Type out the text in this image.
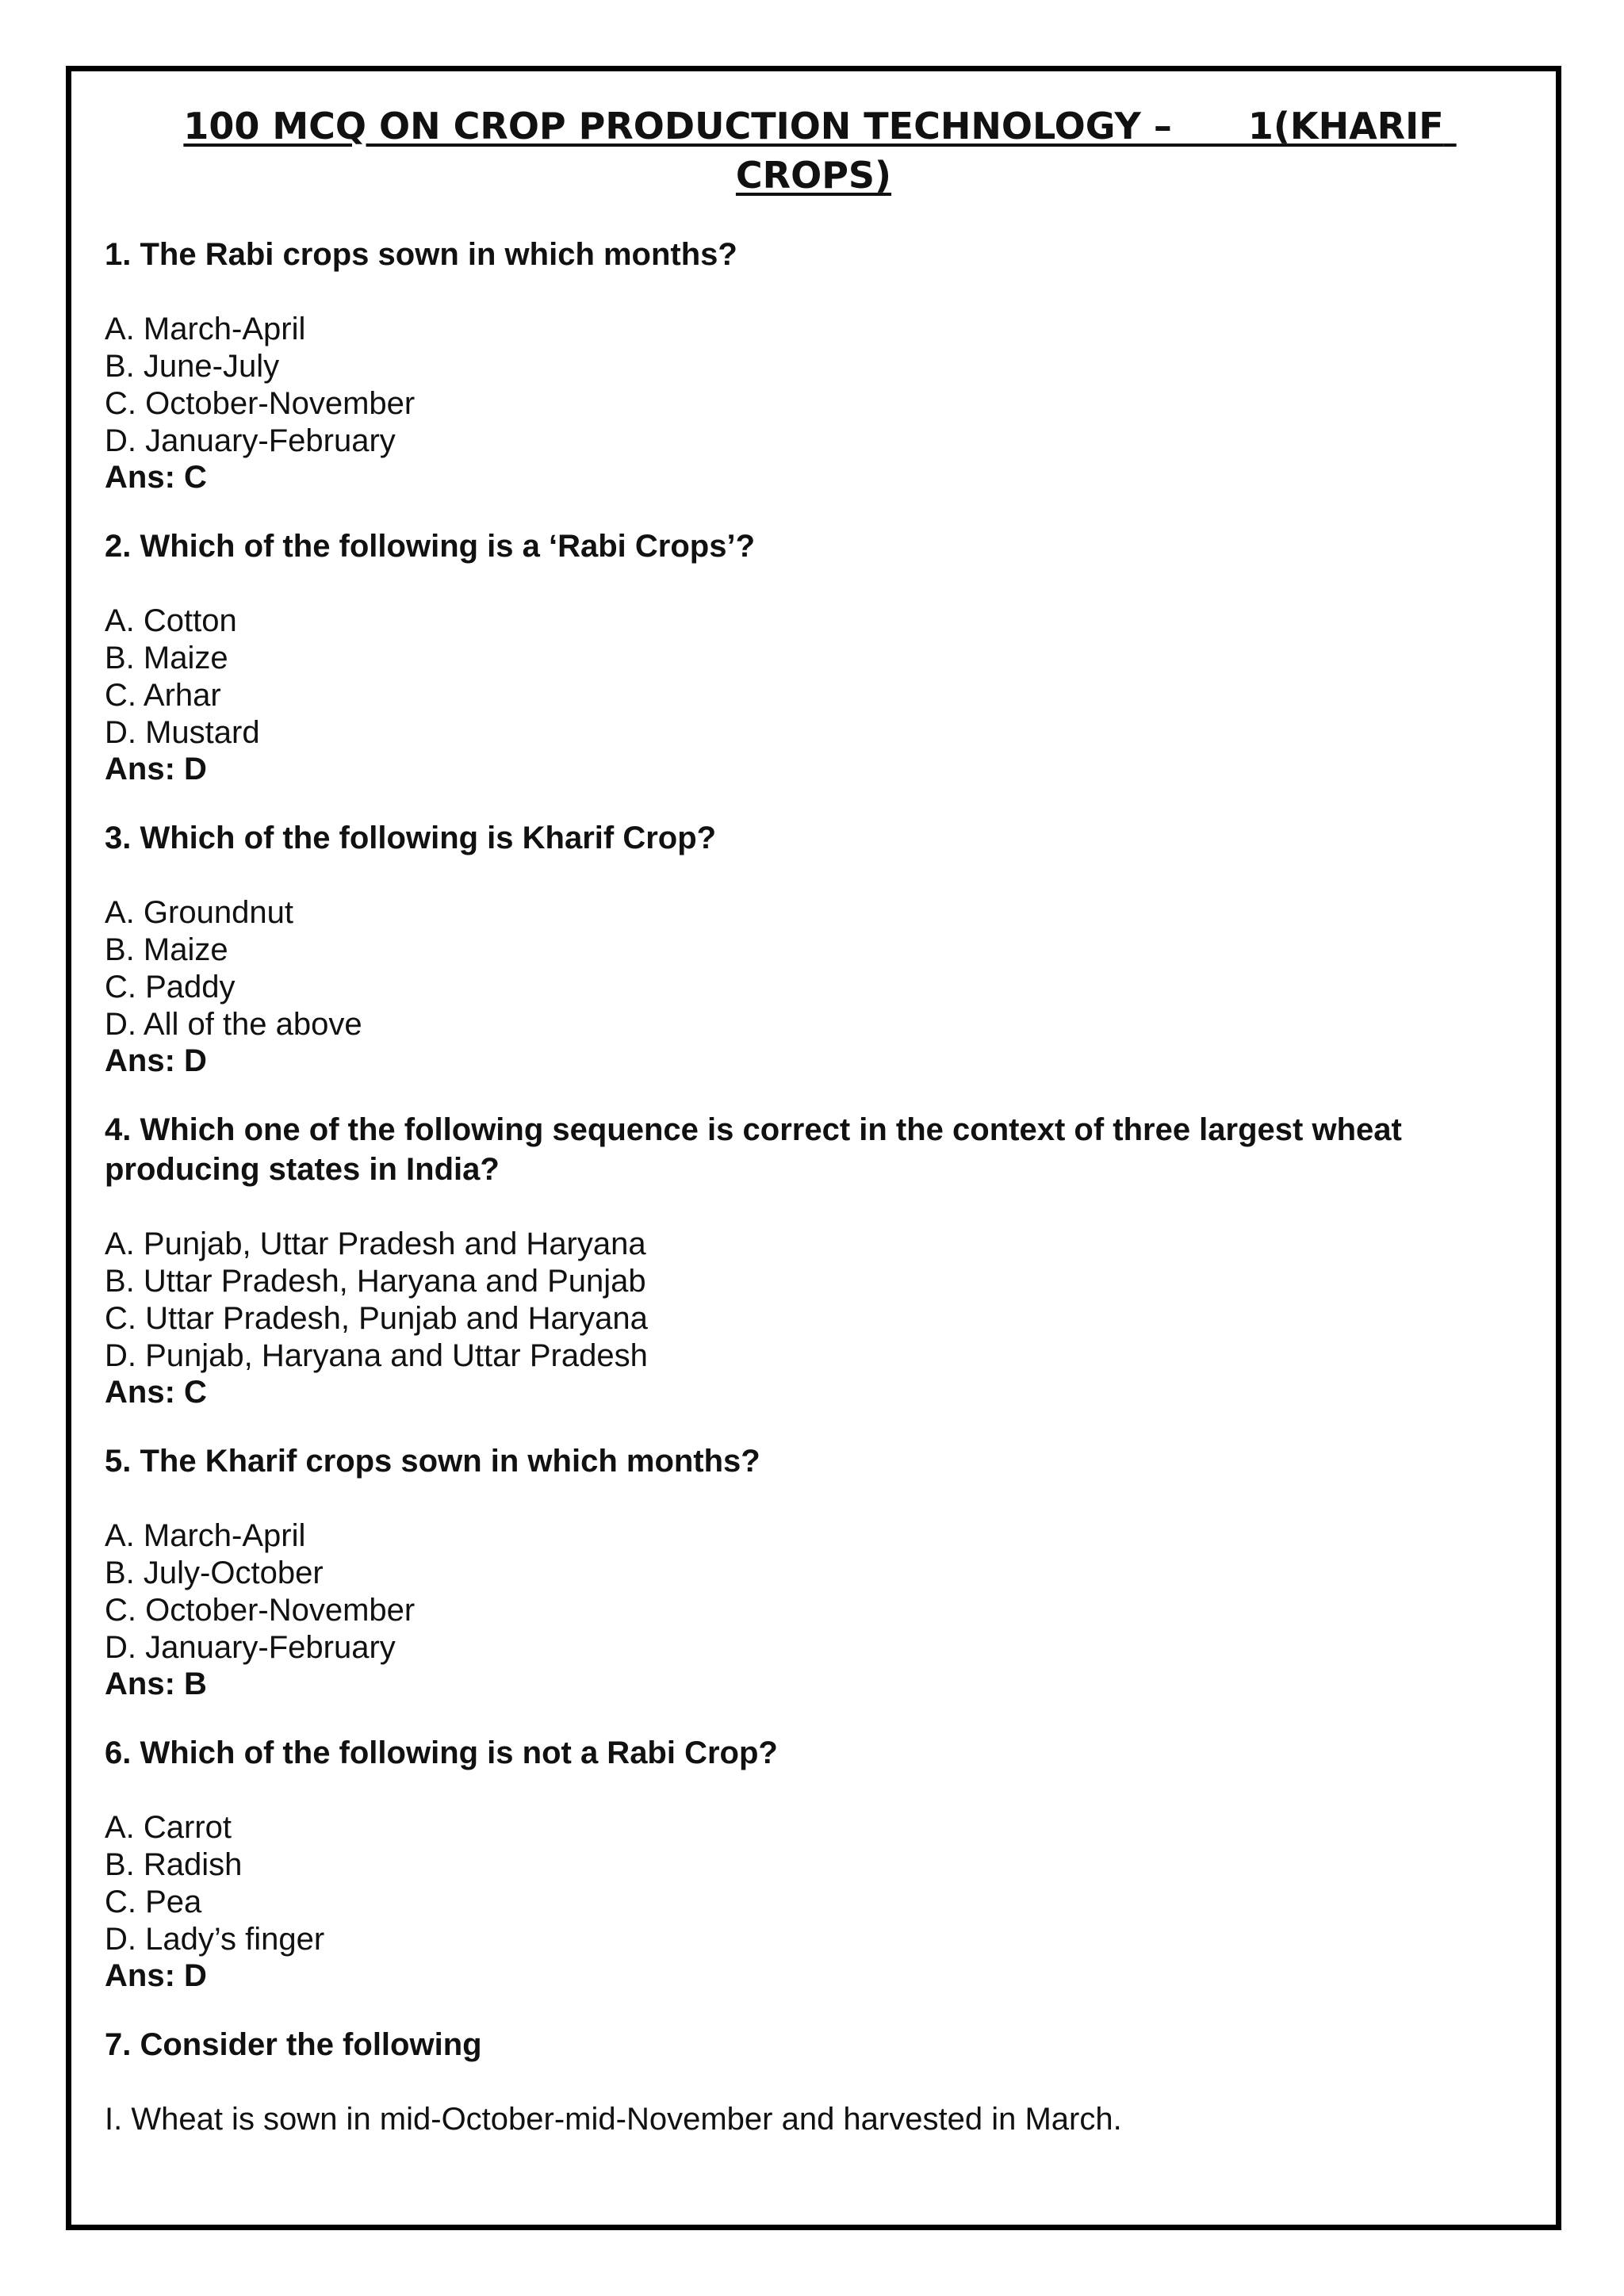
100 MCQ ON CROP PRODUCTION TECHNOLOGY –      1(KHARIF CROPS)

1. The Rabi crops sown in which months?

A. March-April

B. June-July

C. October-November

D. January-February

Ans: C

2. Which of the following is a ‘Rabi Crops’?

A. Cotton

B. Maize

C. Arhar

D. Mustard

Ans: D

3. Which of the following is Kharif Crop?

A. Groundnut

B. Maize

C. Paddy

D. All of the above

Ans: D

4. Which one of the following sequence is correct in the context of three largest wheat producing states in India?

A. Punjab, Uttar Pradesh and Haryana

B. Uttar Pradesh, Haryana and Punjab

C. Uttar Pradesh, Punjab and Haryana

D. Punjab, Haryana and Uttar Pradesh

Ans: C

5. The Kharif crops sown in which months?

A. March-April

B. July-October

C. October-November

D. January-February

Ans: B

6. Which of the following is not a Rabi Crop?

A. Carrot

B. Radish

C. Pea

D. Lady’s finger

Ans: D

7. Consider the following

I. Wheat is sown in mid-October-mid-November and harvested in March.
